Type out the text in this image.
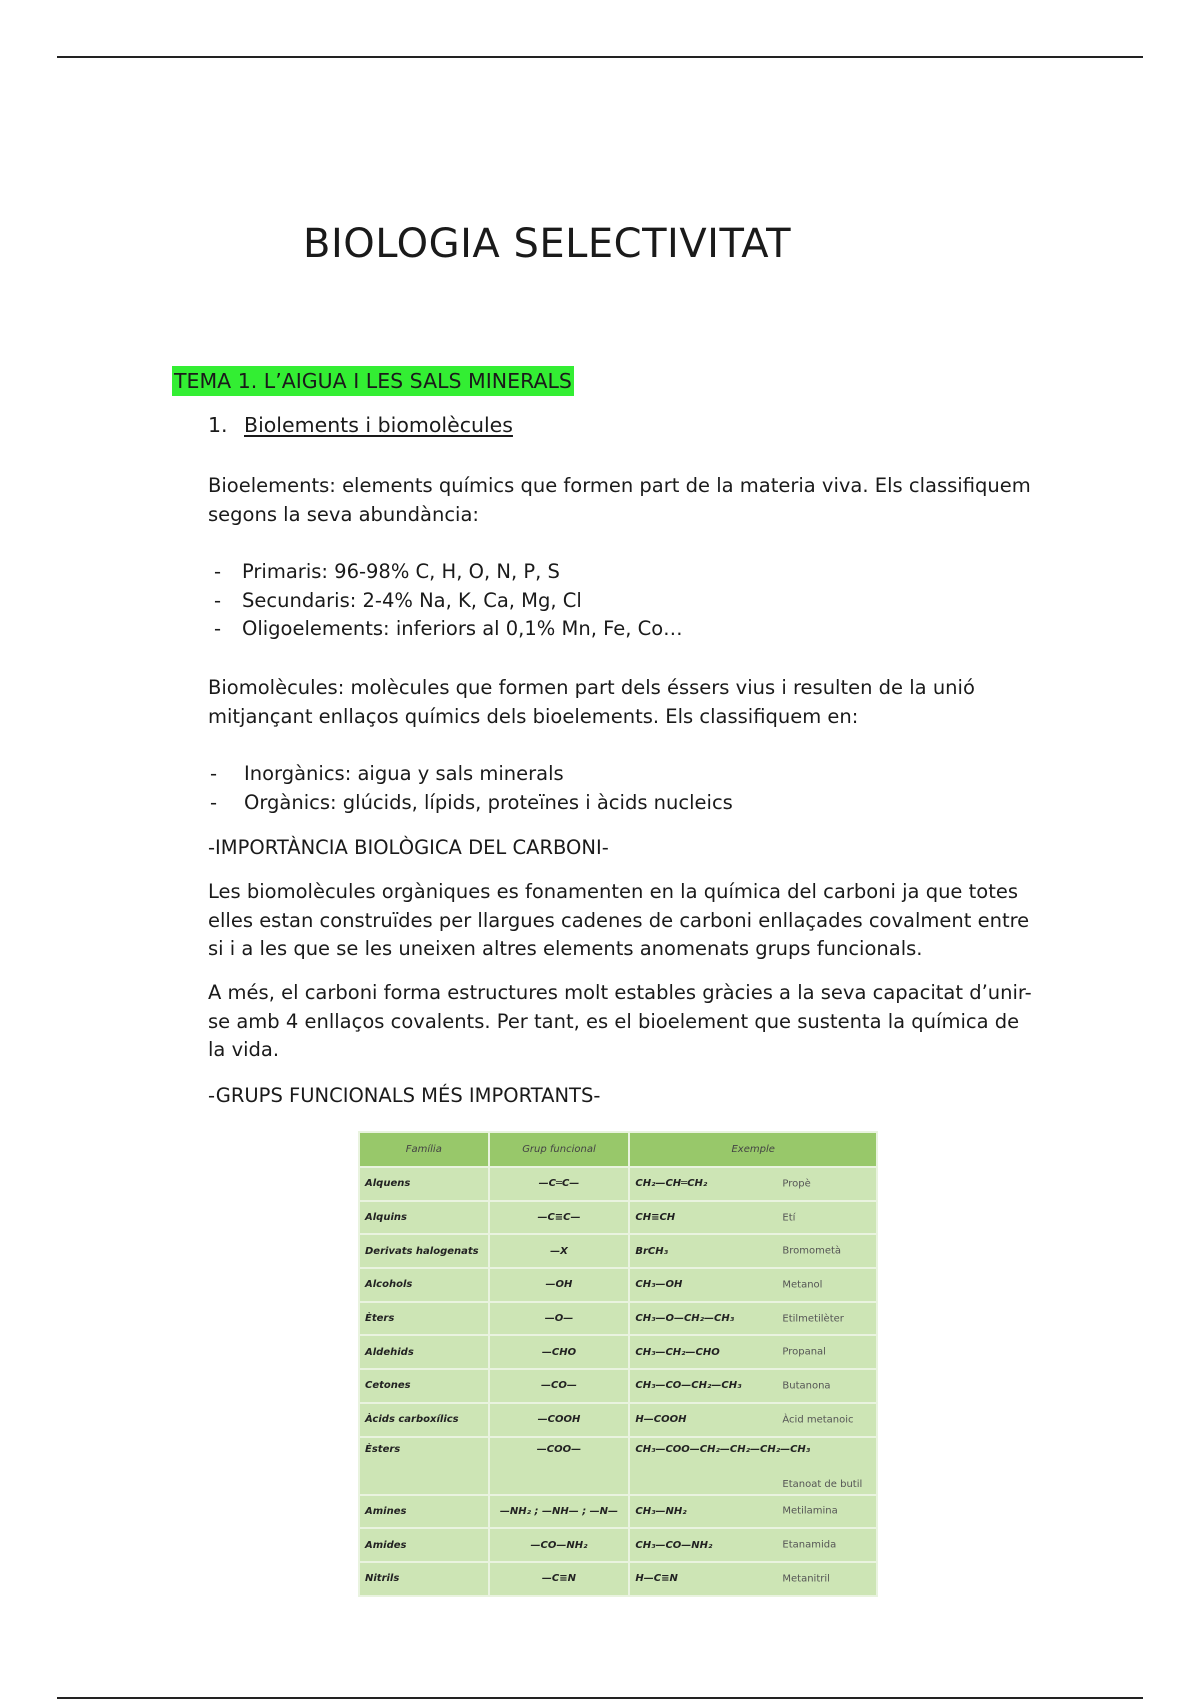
BIOLOGIA SELECTIVITAT
TEMA 1. L’AIGUA I LES SALS MINERALS
1. Biolements i biomolècules

Bioelements: elements químics que formen part de la materia viva. Els classifiquem segons la seva abundància:

- Primaris: 96-98% C, H, O, N, P, S
- Secundaris: 2-4% Na, K, Ca, Mg, Cl
- Oligoelements: inferiors al 0,1% Mn, Fe, Co…

Biomolècules: molècules que formen part dels éssers vius i resulten de la unió mitjançant enllaços químics dels bioelements. Els classifiquem en:

- Inorgànics: aigua y sals minerals
- Orgànics: glúcids, lípids, proteïnes i àcids nucleics

-IMPORTÀNCIA BIOLÒGICA DEL CARBONI-

Les biomolècules orgàniques es fonamenten en la química del carboni ja que totes elles estan construïdes per llargues cadenes de carboni enllaçades covalment entre si i a les que se les uneixen altres elements anomenats grups funcionals.

A més, el carboni forma estructures molt estables gràcies a la seva capacitat d’unir-se amb 4 enllaços covalents. Per tant, es el bioelement que sustenta la química de la vida.

-GRUPS FUNCIONALS MÉS IMPORTANTS-

Família	Grup funcional	Exemple
Alquens	—C═C—	CH₂—CH═CH₂ Propè

Alquins	—C≡C—	CH≡CH Etí

Derivats halogenats	—X	BrCH₃ Bromometà

Alcohols	—OH	CH₃—OH Metanol

Èters	—O—	CH₃—O—CH₂—CH₃ Etilmetilèter

Aldehids	—CHO	CH₃—CH₂—CHO Propanal

Cetones	—CO—	CH₃—CO—CH₂—CH₃ Butanona

Àcids carboxílics	—COOH	H—COOH Àcid metanoic

Èsters	—COO—	CH₃—COO—CH₂—CH₂—CH₂—CH₃
Etanoat de butil

Amines	—NH₂ ; —NH— ; —N—	CH₃—NH₂ Metilamina

Amides	—CO—NH₂	CH₃—CO—NH₂ Etanamida

Nitrils	—C≡N	H—C≡N Metanitril
